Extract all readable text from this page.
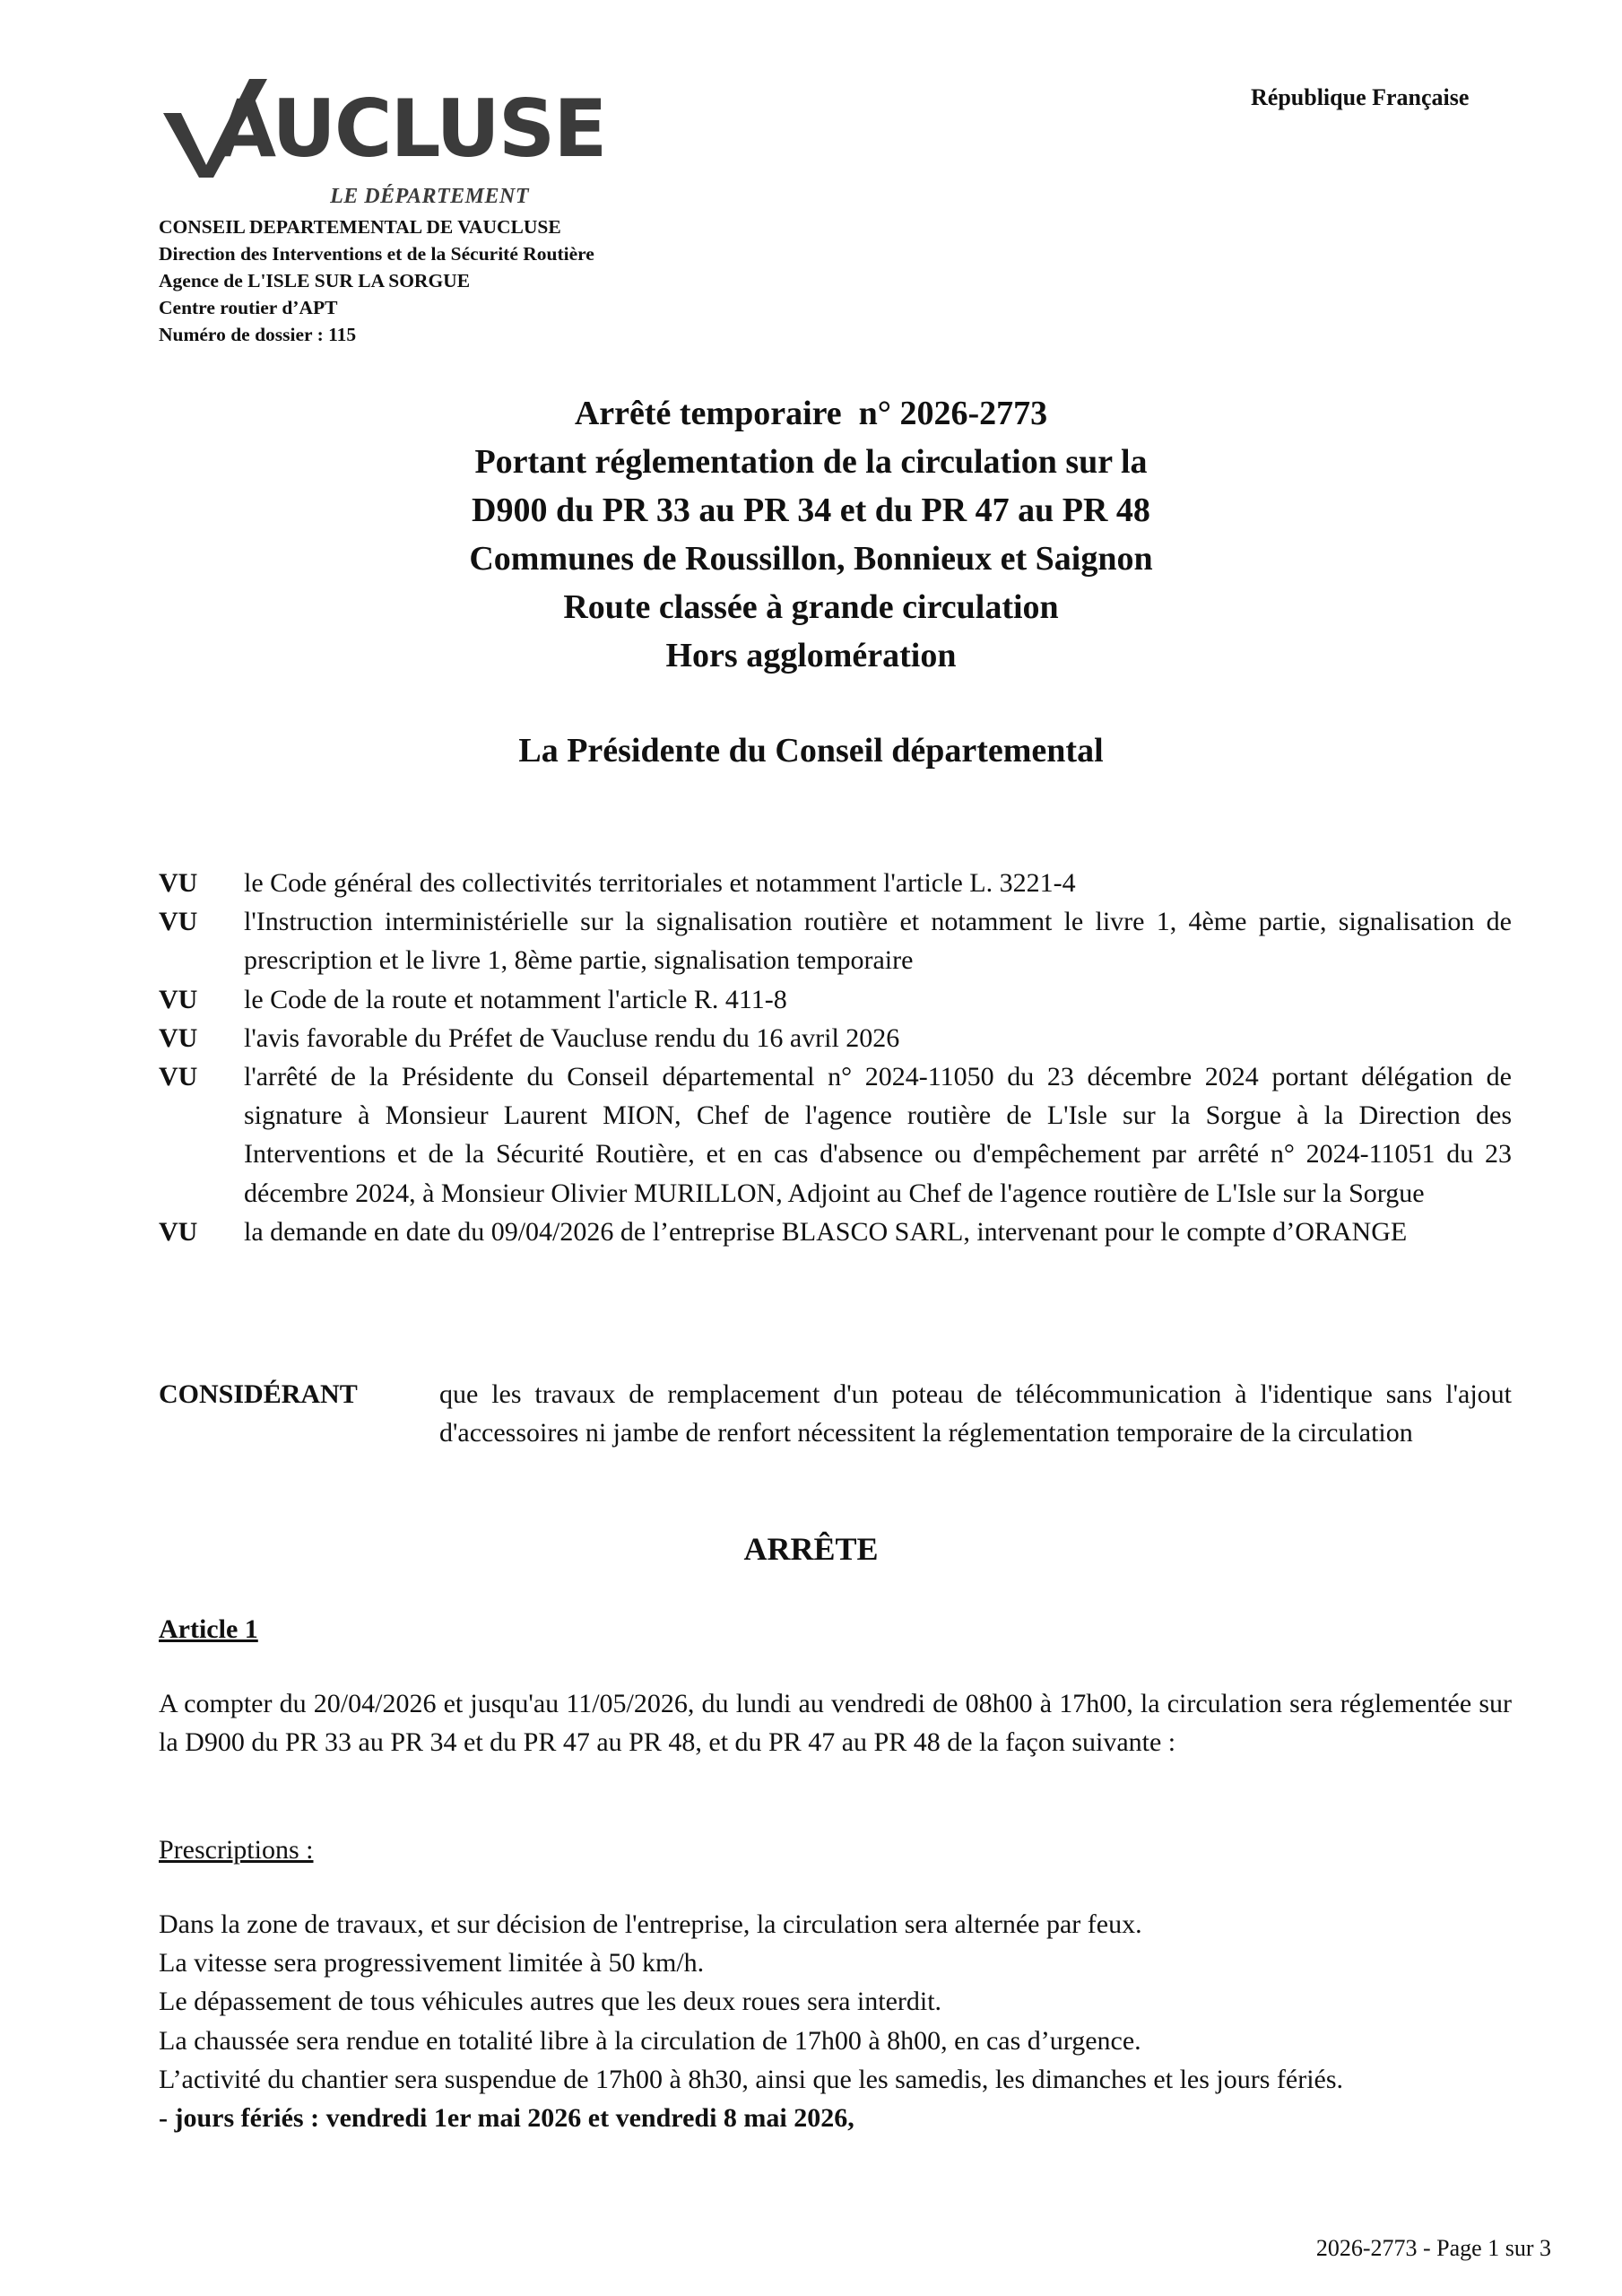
République Française
AUCLUSE
LE DÉPARTEMENT
CONSEIL DEPARTEMENTAL DE VAUCLUSE
Direction des Interventions et de la Sécurité Routière
Agence de L'ISLE SUR LA SORGUE
Centre routier d’APT
Numéro de dossier : 115
Arrêté temporaire  n° 2026-2773
Portant réglementation de la circulation sur la
D900 du PR 33 au PR 34 et du PR 47 au PR 48
Communes de Roussillon, Bonnieux et Saignon
Route classée à grande circulation
Hors agglomération
La Présidente du Conseil départemental
VU	le Code général des collectivités territoriales et notamment l'article L. 3221-4
VU	l'Instruction interministérielle sur la signalisation routière et notamment le livre 1, 4ème partie, signalisation de prescription et le livre 1, 8ème partie, signalisation temporaire
VU	le Code de la route et notamment l'article R. 411-8
VU	l'avis favorable du Préfet de Vaucluse rendu du 16 avril 2026
VU	l'arrêté de la Présidente du Conseil départemental n° 2024-11050 du 23 décembre 2024 portant délégation de signature à Monsieur Laurent MION, Chef de l'agence routière de L'Isle sur la Sorgue à la Direction des Interventions et de la Sécurité Routière, et en cas d'absence ou d'empêchement par arrêté n° 2024-11051 du 23 décembre 2024, à Monsieur Olivier MURILLON, Adjoint au Chef de l'agence routière de L'Isle sur la Sorgue
VU	la demande en date du 09/04/2026 de l’entreprise BLASCO SARL, intervenant pour le compte d’ORANGE
CONSIDÉRANT	que les travaux de remplacement d'un poteau de télécommunication à l'identique sans l'ajout d'accessoires ni jambe de renfort nécessitent la réglementation temporaire de la circulation
ARRÊTE
Article 1
A compter du 20/04/2026 et jusqu'au 11/05/2026, du lundi au vendredi de 08h00 à 17h00, la circulation sera réglementée sur la D900 du PR 33 au PR 34 et du PR 47 au PR 48, et du PR 47 au PR 48 de la façon suivante :
Prescriptions :
Dans la zone de travaux, et sur décision de l'entreprise, la circulation sera alternée par feux.
La vitesse sera progressivement limitée à 50 km/h.
Le dépassement de tous véhicules autres que les deux roues sera interdit.
La chaussée sera rendue en totalité libre à la circulation de 17h00 à 8h00, en cas d’urgence.
L’activité du chantier sera suspendue de 17h00 à 8h30, ainsi que les samedis, les dimanches et les jours fériés.
- jours fériés : vendredi 1er mai 2026 et vendredi 8 mai 2026,
2026-2773 - Page 1 sur 3
